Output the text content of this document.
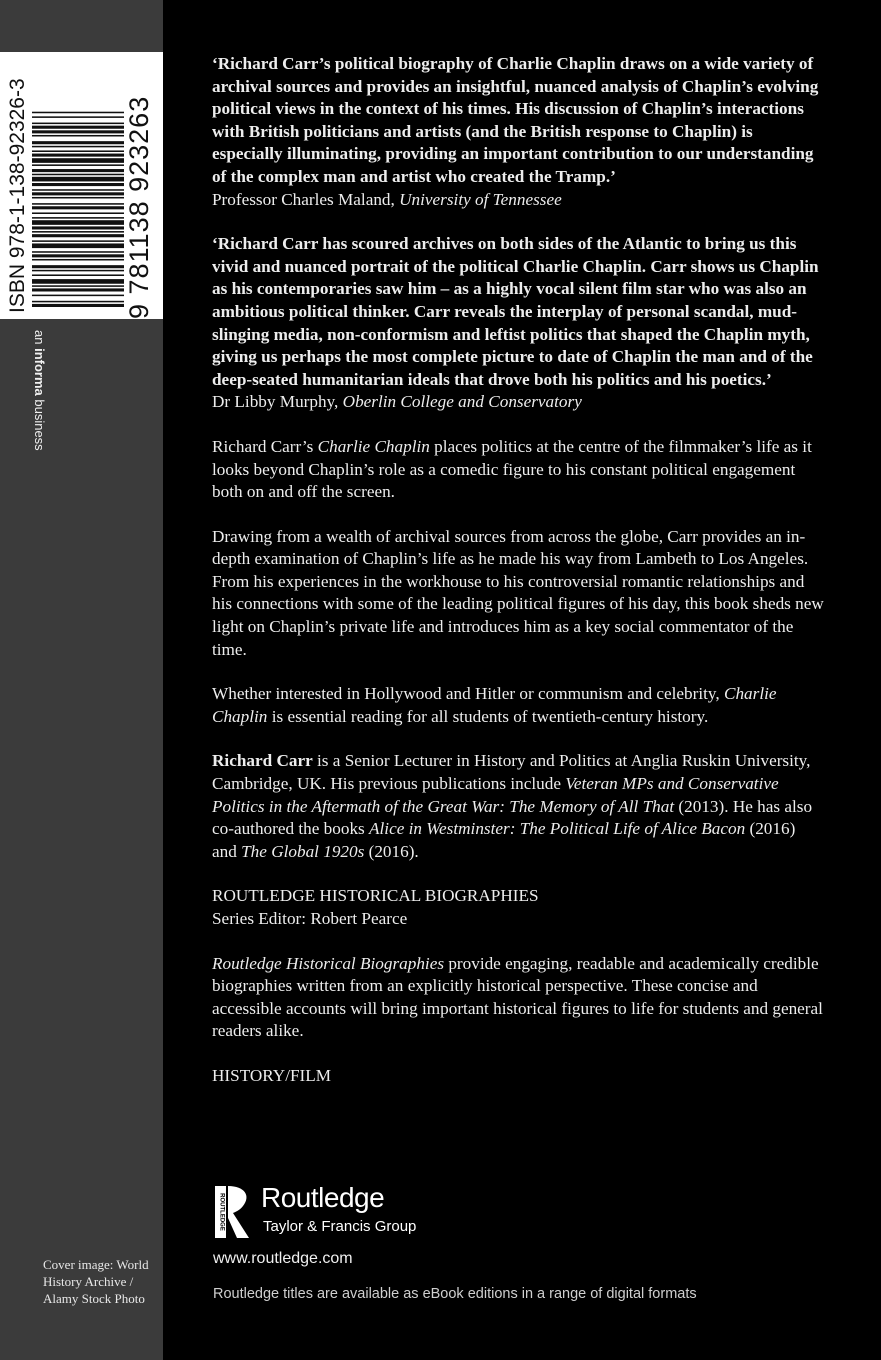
ISBN 978-1-138-92326-3	9 781138 923263
an informa business
Cover image: World
History Archive /
Alamy Stock Photo

‘Richard Carr’s political biography of Charlie Chaplin draws on a wide variety of archival sources and provides an insightful, nuanced analysis of Chaplin’s evolving political views in the context of his times. His discussion of Chaplin’s interactions with British politicians and artists (and the British response to Chaplin) is especially illuminating, providing an important contribution to our understanding of the complex man and artist who created the Tramp.’

Professor Charles Maland, University of Tennessee

‘Richard Carr has scoured archives on both sides of the Atlantic to bring us this vivid and nuanced portrait of the political Charlie Chaplin. Carr shows us Chaplin as his contemporaries saw him – as a highly vocal silent film star who was also an ambitious political thinker. Carr reveals the interplay of personal scandal, mud-slinging media, non-conformism and leftist politics that shaped the Chaplin myth, giving us perhaps the most complete picture to date of Chaplin the man and of the deep-seated humanitarian ideals that drove both his politics and his poetics.’

Dr Libby Murphy, Oberlin College and Conservatory

Richard Carr’s Charlie Chaplin places politics at the centre of the filmmaker’s life as it looks beyond Chaplin’s role as a comedic figure to his constant political engagement both on and off the screen.

Drawing from a wealth of archival sources from across the globe, Carr provides an in-depth examination of Chaplin’s life as he made his way from Lambeth to Los Angeles. From his experiences in the workhouse to his controversial romantic relationships and his connections with some of the leading political figures of his day, this book sheds new light on Chaplin’s private life and introduces him as a key social commentator of the time.

Whether interested in Hollywood and Hitler or communism and celebrity, Charlie Chaplin is essential reading for all students of twentieth-century history.

Richard Carr is a Senior Lecturer in History and Politics at Anglia Ruskin University, Cambridge, UK. His previous publications include Veteran MPs and Conservative Politics in the Aftermath of the Great War: The Memory of All That (2013). He has also co-authored the books Alice in Westminster: The Political Life of Alice Bacon (2016) and The Global 1920s (2016).

ROUTLEDGE HISTORICAL BIOGRAPHIES

Series Editor: Robert Pearce

Routledge Historical Biographies provide engaging, readable and academically credible biographies written from an explicitly historical perspective. These concise and accessible accounts will bring important historical figures to life for students and general readers alike.

HISTORY/FILM

ROUTLEDGE Routledge
Taylor & Francis Group
www.routledge.com
Routledge titles are available as eBook editions in a range of digital formats
